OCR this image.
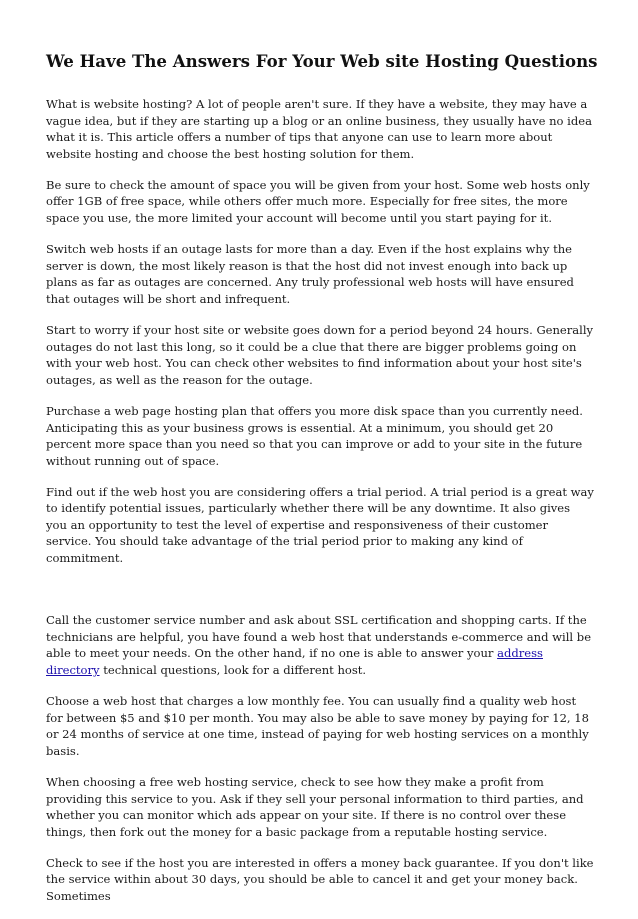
We Have The Answers For Your Web site Hosting Questions

What is website hosting? A lot of people aren't sure. If they have a website, they may have a vague idea, but if they are starting up a blog or an online business, they usually have no idea what it is. This article offers a number of tips that anyone can use to learn more about website hosting and choose the best hosting solution for them.

Be sure to check the amount of space you will be given from your host. Some web hosts only offer 1GB of free space, while others offer much more. Especially for free sites, the more space you use, the more limited your account will become until you start paying for it.

Switch web hosts if an outage lasts for more than a day. Even if the host explains why the server is down, the most likely reason is that the host did not invest enough into back up plans as far as outages are concerned. Any truly professional web hosts will have ensured that outages will be short and infrequent.

Start to worry if your host site or website goes down for a period beyond 24 hours. Generally outages do not last this long, so it could be a clue that there are bigger problems going on with your web host. You can check other websites to find information about your host site's outages, as well as the reason for the outage.

Purchase a web page hosting plan that offers you more disk space than you currently need. Anticipating this as your business grows is essential. At a minimum, you should get 20 percent more space than you need so that you can improve or add to your site in the future without running out of space.

Find out if the web host you are considering offers a trial period. A trial period is a great way to identify potential issues, particularly whether there will be any downtime. It also gives you an opportunity to test the level of expertise and responsiveness of their customer service. You should take advantage of the trial period prior to making any kind of commitment.

Call the customer service number and ask about SSL certification and shopping carts. If the technicians are helpful, you have found a web host that understands e-commerce and will be able to meet your needs. On the other hand, if no one is able to answer your address directory technical questions, look for a different host.

Choose a web host that charges a low monthly fee. You can usually find a quality web host for between $5 and $10 per month. You may also be able to save money by paying for 12, 18 or 24 months of service at one time, instead of paying for web hosting services on a monthly basis.

When choosing a free web hosting service, check to see how they make a profit from providing this service to you. Ask if they sell your personal information to third parties, and whether you can monitor which ads appear on your site. If there is no control over these things, then fork out the money for a basic package from a reputable hosting service.

Check to see if the host you are interested in offers a money back guarantee. If you don't like the service within about 30 days, you should be able to cancel it and get your money back. Sometimes
